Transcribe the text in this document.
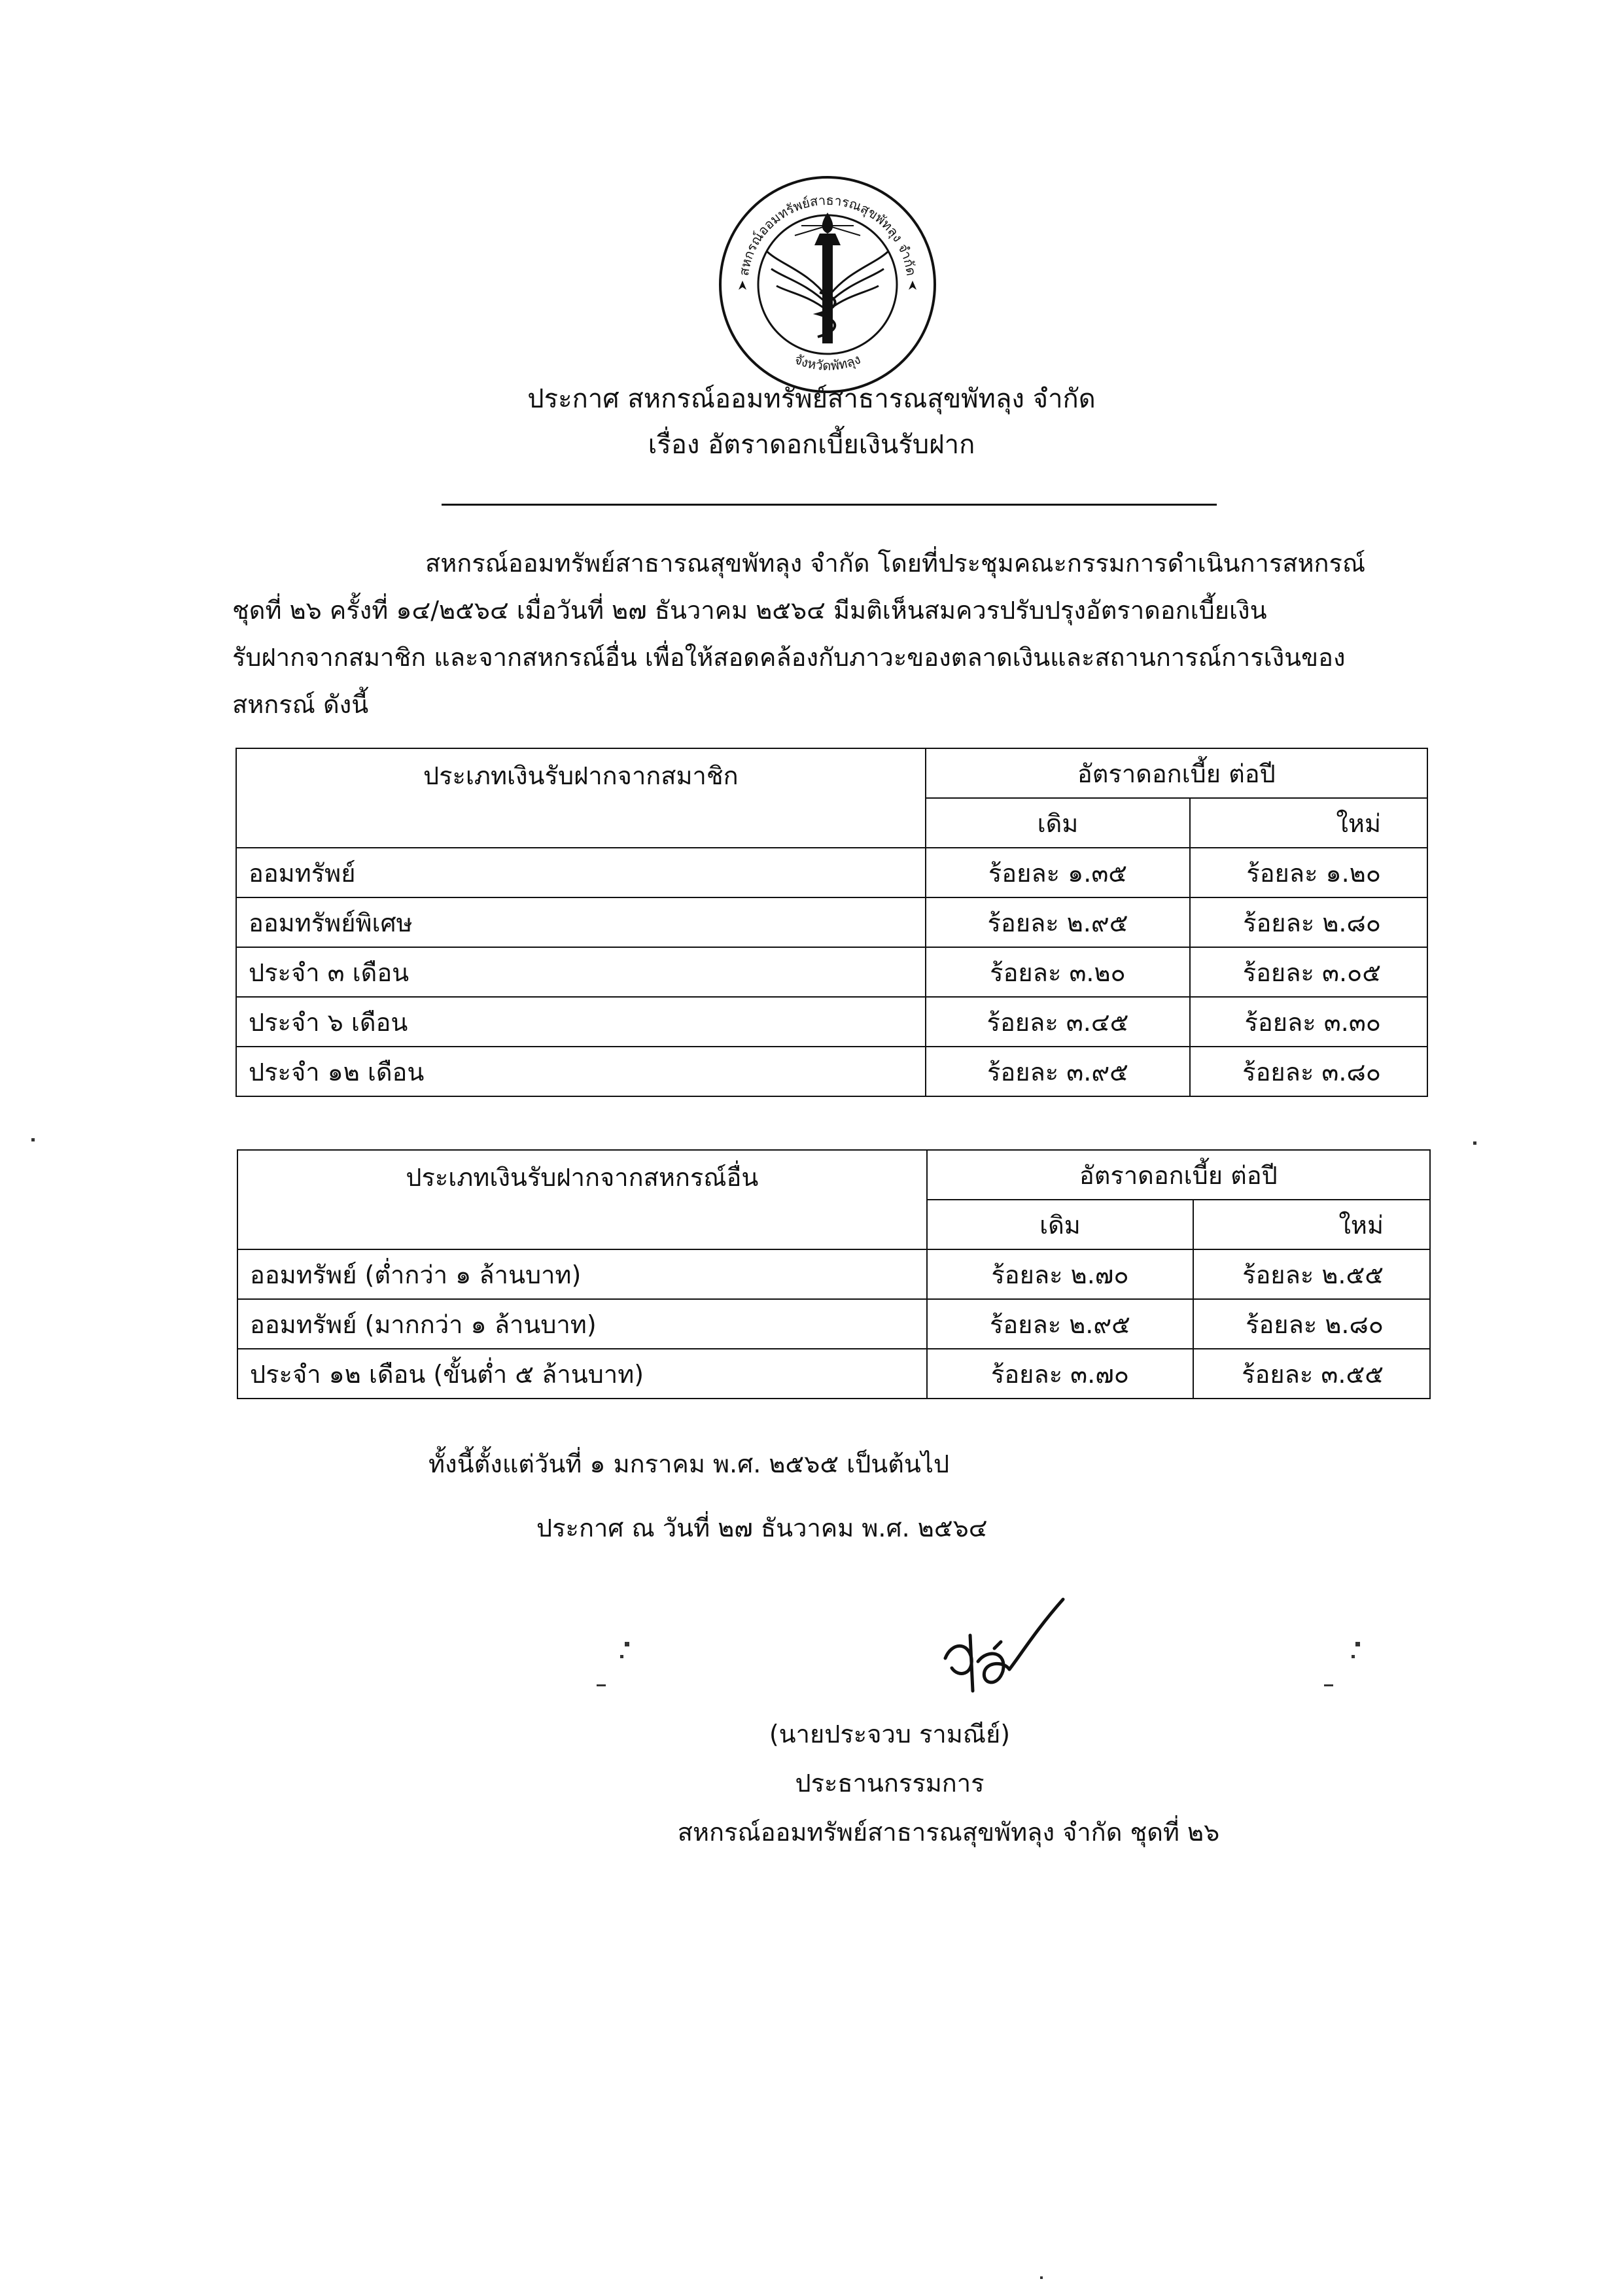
สหกรณ์ออมทรัพย์สาธารณสุขพัทลุง จำกัด
จังหวัดพัทลุง
ประกาศ สหกรณ์ออมทรัพย์สาธารณสุขพัทลุง จำกัด
เรื่อง อัตราดอกเบี้ยเงินรับฝาก
สหกรณ์ออมทรัพย์สาธารณสุขพัทลุง จำกัด โดยที่ประชุมคณะกรรมการดำเนินการสหกรณ์
ชุดที่ ๒๖ ครั้งที่ ๑๔/๒๕๖๔ เมื่อวันที่ ๒๗ ธันวาคม ๒๕๖๔ มีมติเห็นสมควรปรับปรุงอัตราดอกเบี้ยเงิน
รับฝากจากสมาชิก และจากสหกรณ์อื่น เพื่อให้สอดคล้องกับภาวะของตลาดเงินและสถานการณ์การเงินของ
สหกรณ์ ดังนี้
ประเภทเงินรับฝากจากสมาชิก	อัตราดอกเบี้ย ต่อปี	
	เดิม	ใหม่
ออมทรัพย์	ร้อยละ ๑.๓๕	ร้อยละ ๑.๒๐
ออมทรัพย์พิเศษ	ร้อยละ ๒.๙๕	ร้อยละ ๒.๘๐
ประจำ ๓ เดือน	ร้อยละ ๓.๒๐	ร้อยละ ๓.๐๕
ประจำ ๖ เดือน	ร้อยละ ๓.๔๕	ร้อยละ ๓.๓๐
ประจำ ๑๒ เดือน	ร้อยละ ๓.๙๕	ร้อยละ ๓.๘๐
ประเภทเงินรับฝากจากสหกรณ์อื่น	อัตราดอกเบี้ย ต่อปี	
	เดิม	ใหม่
ออมทรัพย์ (ต่ำกว่า ๑ ล้านบาท)	ร้อยละ ๒.๗๐	ร้อยละ ๒.๕๕
ออมทรัพย์ (มากกว่า ๑ ล้านบาท)	ร้อยละ ๒.๙๕	ร้อยละ ๒.๘๐
ประจำ ๑๒ เดือน (ขั้นต่ำ ๕ ล้านบาท)	ร้อยละ ๓.๗๐	ร้อยละ ๓.๕๕
ทั้งนี้ตั้งแต่วันที่ ๑ มกราคม พ.ศ. ๒๕๖๕ เป็นต้นไป
ประกาศ ณ วันที่ ๒๗ ธันวาคม พ.ศ. ๒๕๖๔
(นายประจวบ รามณีย์)
ประธานกรรมการ
สหกรณ์ออมทรัพย์สาธารณสุขพัทลุง จำกัด ชุดที่ ๒๖
